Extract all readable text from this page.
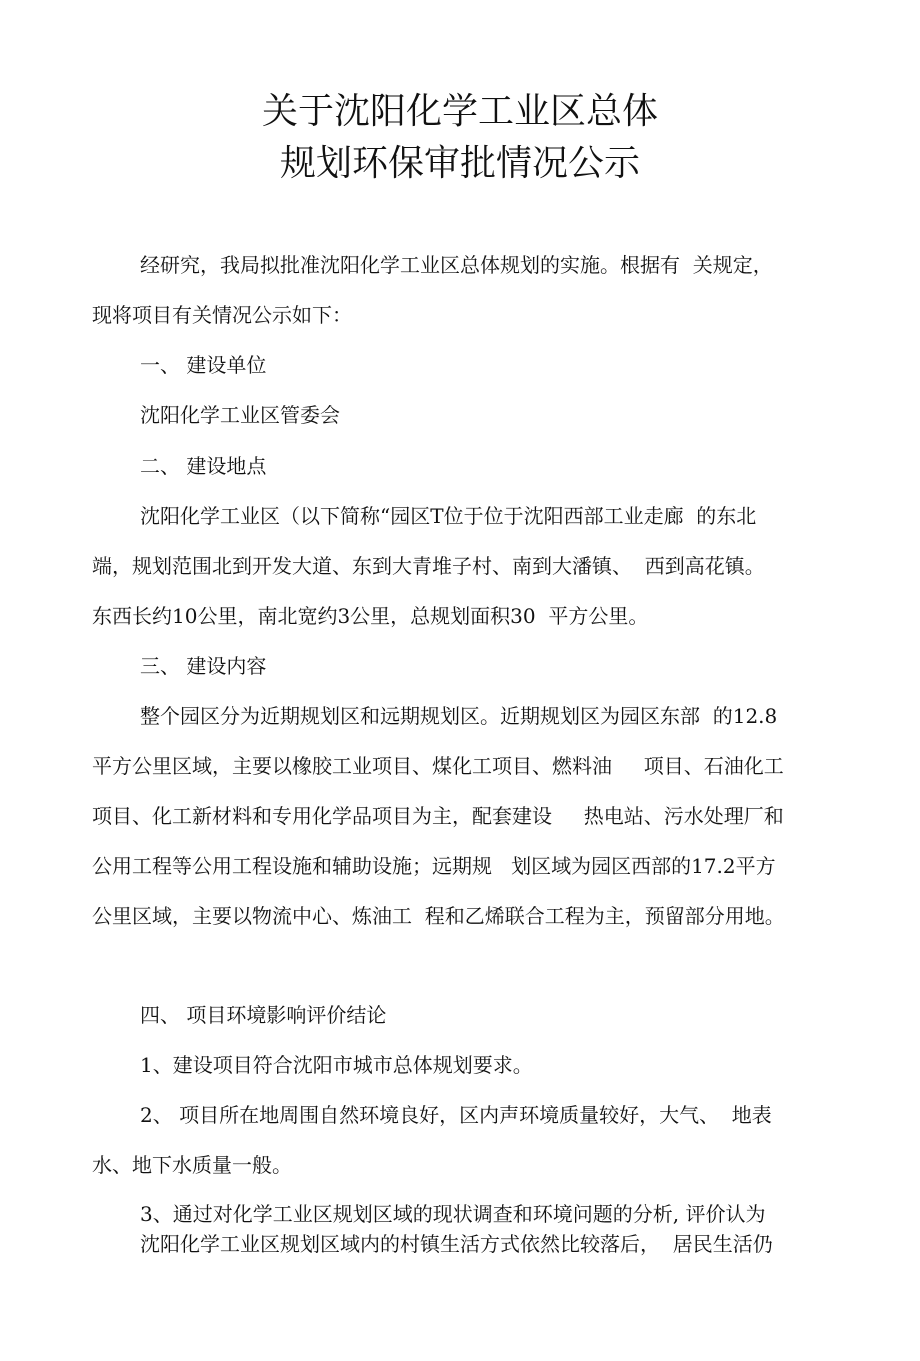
关于沈阳化学工业区总体
规划环保审批情况公示
经研究，我局拟批准沈阳化学工业区总体规划的实施。根据有  关规定，
现将项目有关情况公示如下：
一、 建设单位
沈阳化学工业区管委会
二、 建设地点
沈阳化学工业区（以下简称“园区T位于位于沈阳西部工业走廊  的东北
端，规划范围北到开发大道、东到大青堆子村、南到大潘镇、  西到高花镇。
东西长约10公里，南北宽约3公里，总规划面积30  平方公里。
三、 建设内容
整个园区分为近期规划区和远期规划区。近期规划区为园区东部  的12.8
平方公里区域，主要以橡胶工业项目、煤化工项目、燃料油     项目、石油化工
项目、化工新材料和专用化学品项目为主，配套建设     热电站、污水处理厂和
公用工程等公用工程设施和辅助设施；远期规   划区域为园区西部的17.2平方
公里区域，主要以物流中心、炼油工  程和乙烯联合工程为主，预留部分用地。
四、 项目环境影响评价结论
1、建设项目符合沈阳市城市总体规划要求。
2、 项目所在地周围自然环境良好，区内声环境质量较好，大气、  地表
水、地下水质量一般。
3、通过对化学工业区规划区域的现状调查和环境问题的分析, 评价认为
沈阳化学工业区规划区域内的村镇生活方式依然比较落后，  居民生活仍
